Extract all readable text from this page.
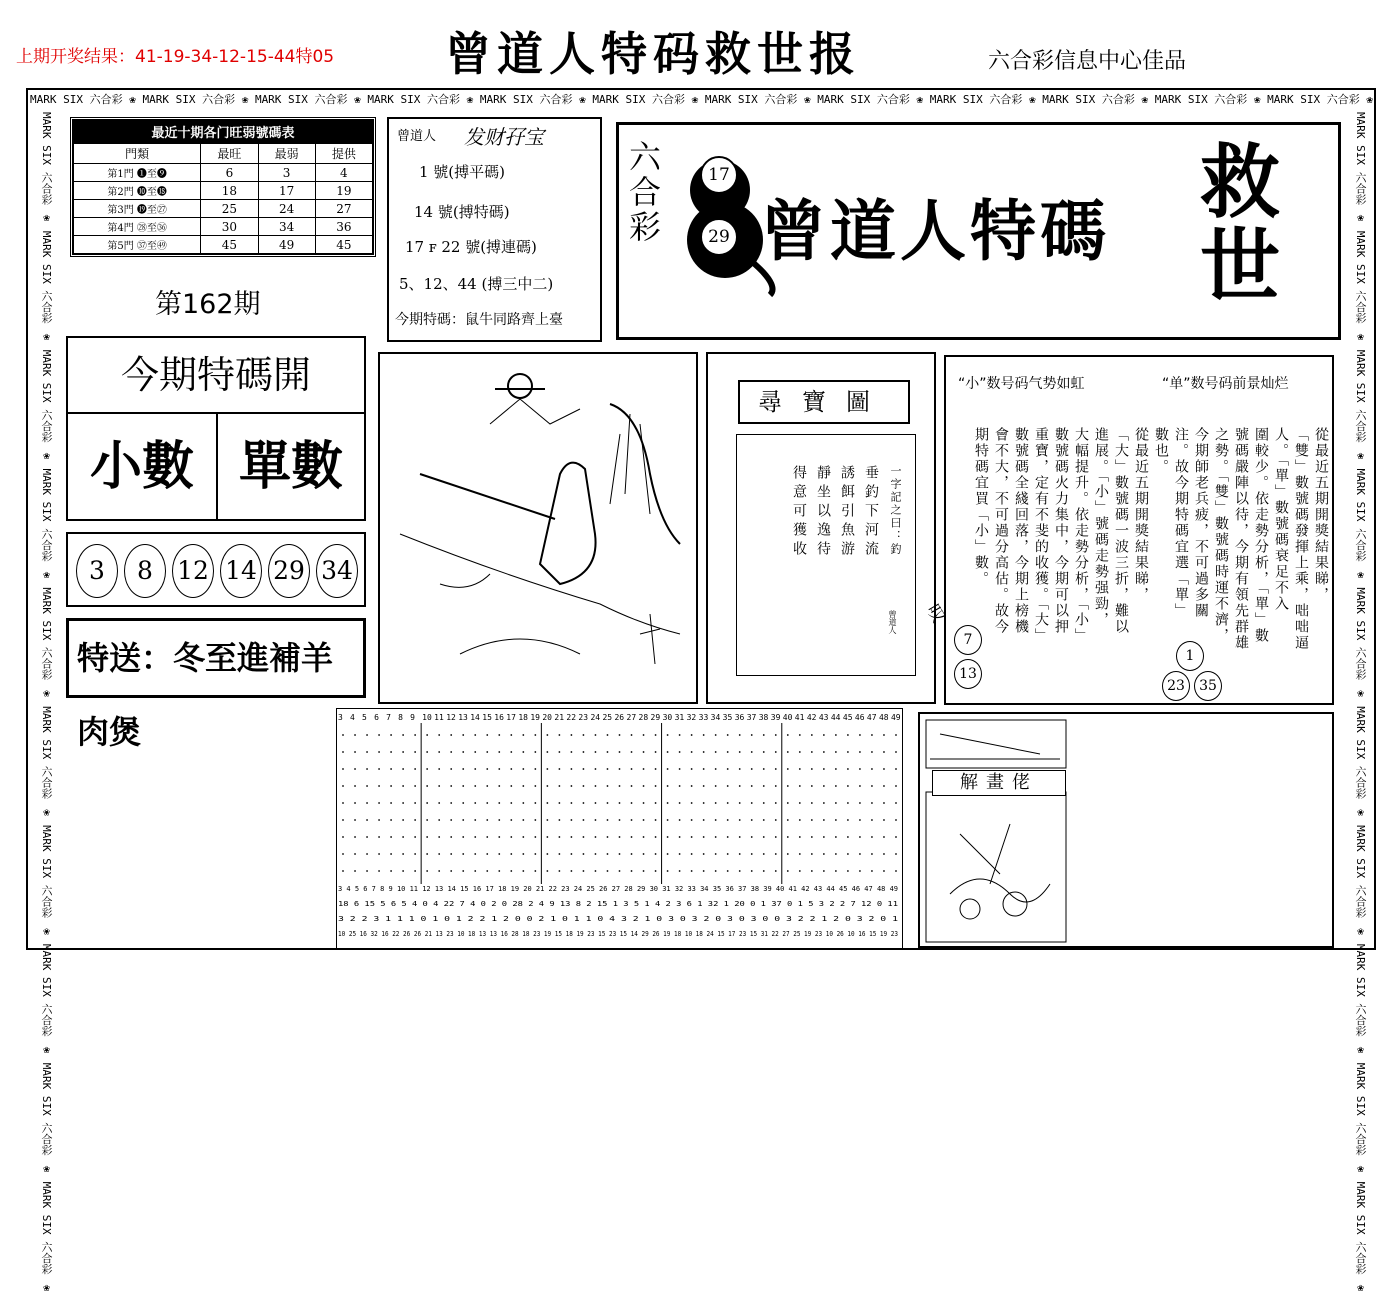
上期开奖结果：41-19-34-12-15-44特05 曾道人特码救世报	六合彩信息中心佳品
MARK SIX 六合彩 ❀ MARK SIX 六合彩 ❀ MARK SIX 六合彩 ❀ MARK SIX 六合彩 ❀ MARK SIX 六合彩 ❀ MARK SIX 六合彩 ❀ MARK SIX 六合彩 ❀ MARK SIX 六合彩 ❀ MARK SIX 六合彩 ❀ MARK SIX 六合彩 ❀ MARK SIX 六合彩 ❀ MARK SIX 六合彩 ❀
MARK SIX 六合彩 ❀ MARK SIX 六合彩 ❀ MARK SIX 六合彩 ❀ MARK SIX 六合彩 ❀ MARK SIX 六合彩 ❀ MARK SIX 六合彩 ❀ MARK SIX 六合彩 ❀ MARK SIX 六合彩 ❀ MARK SIX 六合彩 ❀ MARK SIX 六合彩 ❀	MARK SIX 六合彩 ❀ MARK SIX 六合彩 ❀ MARK SIX 六合彩 ❀ MARK SIX 六合彩 ❀ MARK SIX 六合彩 ❀ MARK SIX 六合彩 ❀ MARK SIX 六合彩 ❀ MARK SIX 六合彩 ❀ MARK SIX 六合彩 ❀ MARK SIX 六合彩 ❀
最近十期各门旺弱號碼表
門類	最旺	最弱	提供
第1門 ❶至❾	6	3	4
第2門 ❿至⓲	18	17	19
第3門 ⓳至㉗	25	24	27
第4門 ㉘至㊱	30	34	36
第5門 ㊲至㊾	45	49	45
第162期
曾道人 发财孖宝
1 號(搏平碼)
14 號(搏特碼)
17 ꜰ 22 號(搏連碼)
5、12、44 (搏三中二)
今期特碼：鼠牛同路齊上臺
六合彩
17
29 曾道人特碼
救世
今期特碼開
小數 單數
3	8 12 14 29 34
特送：冬至進補羊肉煲
尋寶圖
一字記之曰：釣
垂釣下河流
誘餌引魚游
靜坐以逸待
得意可獲收
曾道人 叹
“小”数号码气势如虹	“单”数号码前景灿烂
從最近五期開獎結果睇，
「大」數號碼一波三折，難以
進展。「小」號碼走勢强勁，
大幅提升。依走勢分析，「小」
數號碼火力集中，今期可以押
重寶，定有不斐的收獲。「大」
數號碼全綫回落，今期上榜機
會不大，不可過分高估。故今
期特碼宜買「小」數。	從最近五期開獎結果睇，
「雙」數號碼發揮上乘，咄咄逼
人。「單」數號碼衰足不入
圍較少。依走勢分析，「單」數
號碼嚴陣以待，今期有領先群雄
之勢。「雙」數號碼時運不濟，
今期師老兵疲，不可過多關
注。故今期特碼宜選「單」
數也。
7
13
1
23	35
3 4 5 6 7 8 9 10 11 12 13 14 15 16 17 18 19 20 21 22 23 24 25 26 27 28 29 30 31 32 33 34 35 36 37 38 39 40 41 42 43 44 45 46 47 48 49
3 4 5 6 7 8 9 10 11 12 13 14 15 16 17 18 19 20 21 22 23 24 25 26 27 28 29 30 31 32 33 34 35 36 37 38 39 40 41 42 43 44 45 46 47 48 49
18 6 15 5 6 5 4 0 4 22 7 4 0 2 0 28 2 4 9 13 8 2 15 1 3 5 1 4 2 3 6 1 32 1 20 0 1 37 0 1 5 3 2 2 7 12 0 11
3 2 2 3 1 1 1 0 1 0 1 2 2 1 2 0 0 2 1 0 1 1 0 4 3 2 1 0 3 0 3 2 0 3 0 3 0 0 3 2 2 1 2 0 3 2 0 1
10 25 16 32 16 22 26 26 21 13 23 10 18 13 13 16 28 18 23 19 15 18 19 23 15 23 15 14 29 26 19 18 10 18 24 15 17 23 15 31 22 27 25 19 23 10 26 10 16 15 19 23
解畫佬
